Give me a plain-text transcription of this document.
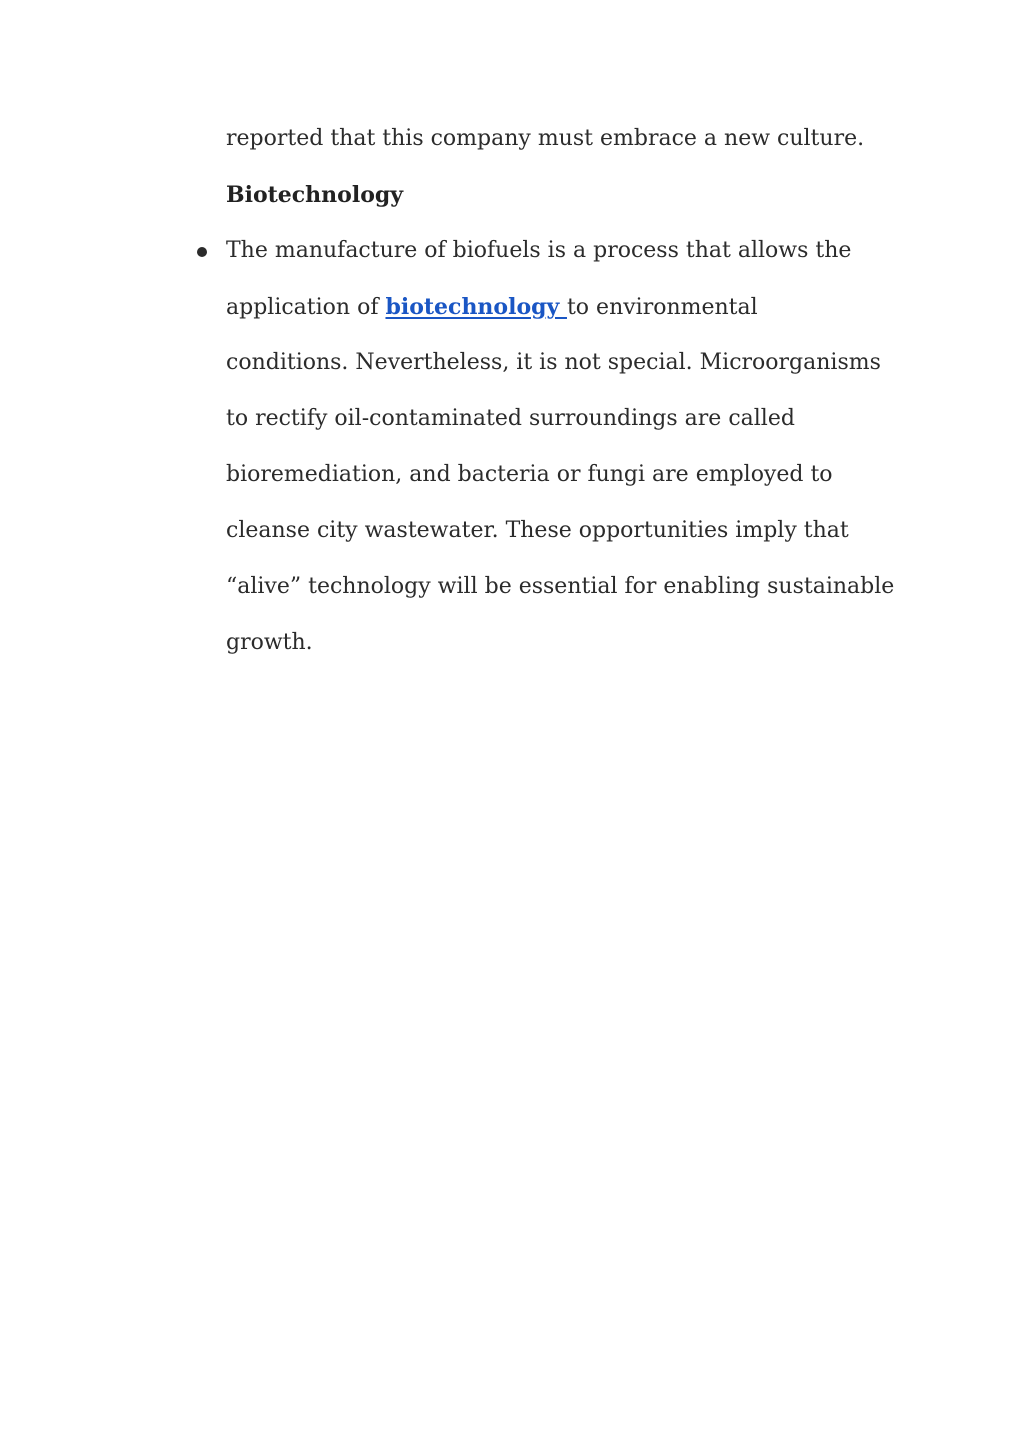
reported that this company must embrace a new culture.
Biotechnology
The manufacture of biofuels is a process that allows the
application of biotechnology to environmental
conditions. Nevertheless, it is not special. Microorganisms
to rectify oil-contaminated surroundings are called
bioremediation, and bacteria or fungi are employed to
cleanse city wastewater. These opportunities imply that
“alive” technology will be essential for enabling sustainable
growth.
